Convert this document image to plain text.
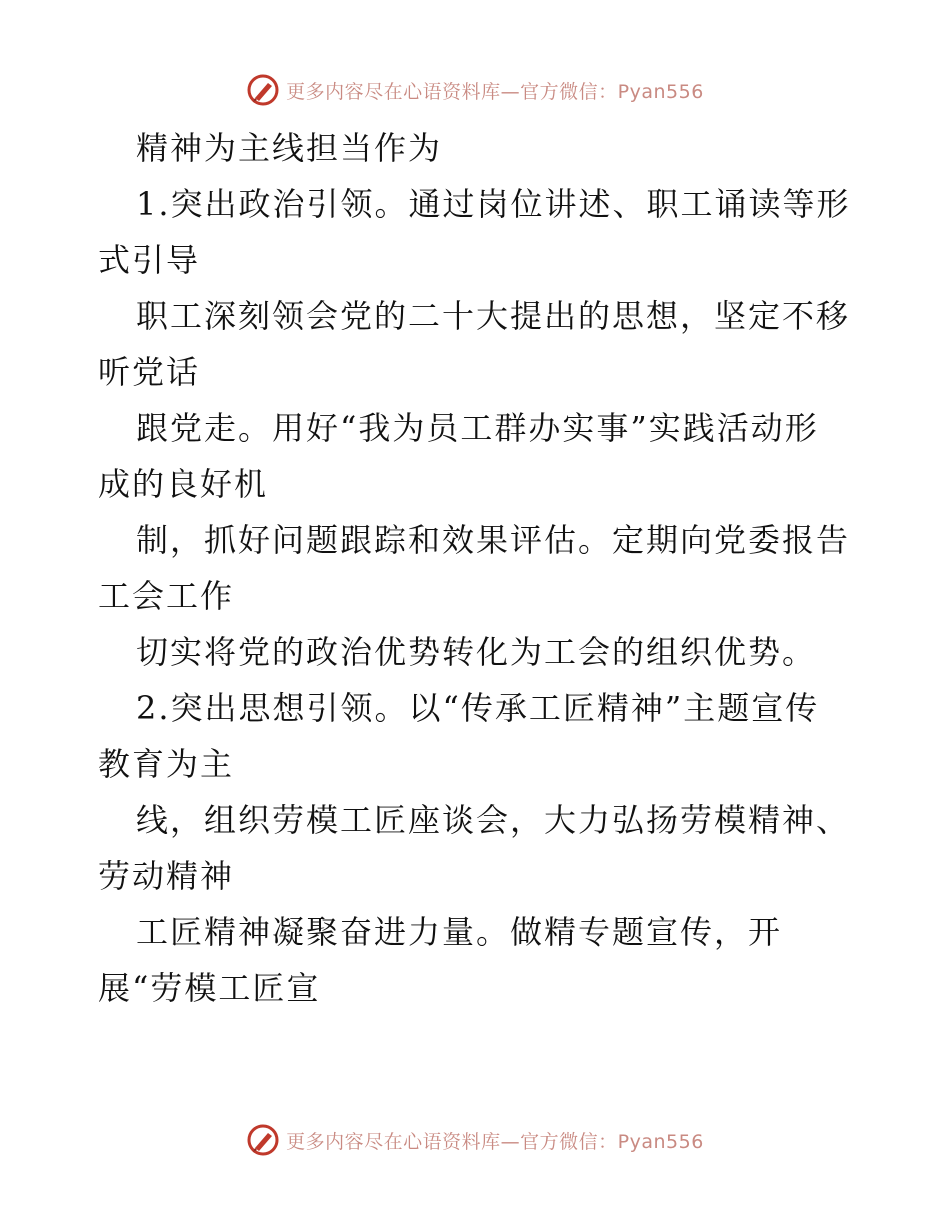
更多内容尽在心语资料库—官方微信：Pyan556
精神为主线担当作为
1.突出政治引领。通过岗位讲述、职工诵读等形
式引导
职工深刻领会党的二十大提出的思想，坚定不移
听党话
跟党走。用好“我为员工群办实事”实践活动形
成的良好机
制，抓好问题跟踪和效果评估。定期向党委报告
工会工作
切实将党的政治优势转化为工会的组织优势。
2.突出思想引领。以“传承工匠精神”主题宣传
教育为主
线，组织劳模工匠座谈会，大力弘扬劳模精神、
劳动精神
工匠精神凝聚奋进力量。做精专题宣传，开
展“劳模工匠宣
更多内容尽在心语资料库—官方微信：Pyan556
